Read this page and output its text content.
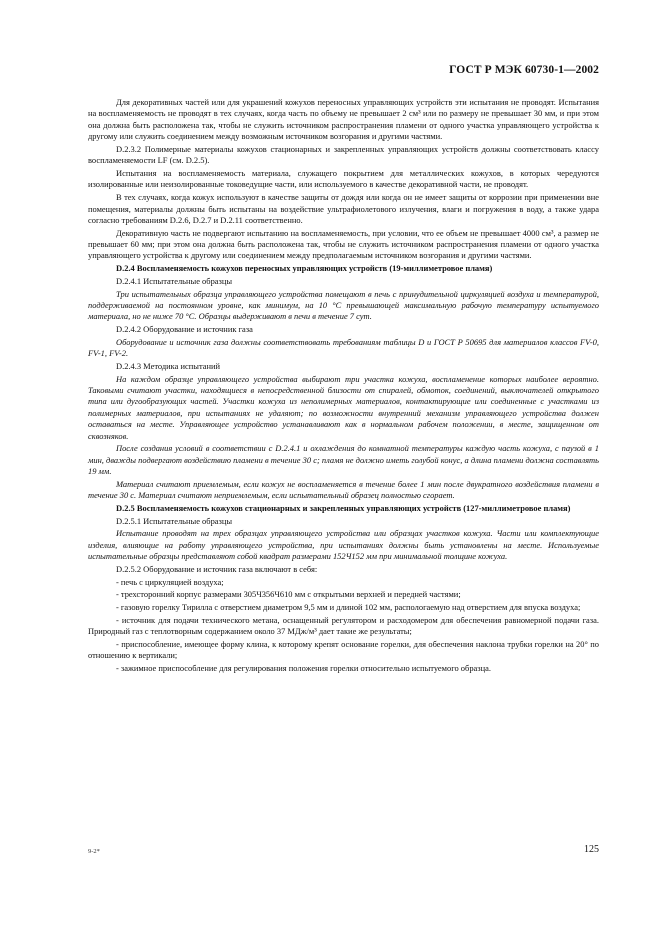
ГОСТ Р МЭК 60730-1—2002

Для декоративных частей или для украшений кожухов переносных управляющих устройств эти испытания не проводят. Испытания на воспламеняемость не проводят в тех случаях, когда часть по объему не превышает 2 см³ или по размеру не превышает 30 мм, и при этом она должна быть расположена так, чтобы не служить источником распространения пламени от одного участка управляющего устройства к другому или служить соединением между возможным источником возгорания и другими частями.

D.2.3.2 Полимерные материалы кожухов стационарных и закрепленных управляющих устройств должны соответствовать классу воспламеняемости LF (см. D.2.5).

Испытания на воспламеняемость материала, служащего покрытием для металлических кожухов, в которых чередуются изолированные или неизолированные токоведущие части, или используемого в качестве декоративной части, не проводят.

В тех случаях, когда кожух используют в качестве защиты от дождя или когда он не имеет защиты от коррозии при применении вне помещения, материалы должны быть испытаны на воздействие ультрафиолетового излучения, влаги и погружения в воду, а также удара согласно требованиям D.2.6, D.2.7 и D.2.11 соответственно.

Декоративную часть не подвергают испытанию на воспламеняемость, при условии, что ее объем не превышает 4000 см³, а размер не превышает 60 мм; при этом она должна быть расположена так, чтобы не служить источником распространения пламени от одного участка управляющего устройства к другому или соединением между предполагаемым источником возгорания и другими частями.

D.2.4 Воспламеняемость кожухов переносных управляющих устройств (19-миллиметровое пламя)

D.2.4.1 Испытательные образцы

Три испытательных образца управляющего устройства помещают в печь с принудительной циркуляцией воздуха и температурой, поддерживаемой на постоянном уровне, как минимум, на 10 °С превышающей максимальную рабочую температуру испытуемого материала, но не ниже 70 °С. Образцы выдерживают в печи в течение 7 сут.

D.2.4.2 Оборудование и источник газа

Оборудование и источник газа должны соответствовать требованиям таблицы D и ГОСТ Р 50695 для материалов классов FV-0, FV-1, FV-2.

D.2.4.3 Методика испытаний

На каждом образце управляющего устройства выбирают три участка кожуха, воспламенение которых наиболее вероятно. Таковыми считают участки, находящиеся в непосредственной близости от спиралей, обмоток, соединений, выключателей открытого типа или дугообразующих частей. Участки кожуха из неполимерных материалов, контактирующие или соединенные с участками из полимерных материалов, при испытаниях не удаляют; по возможности внутренний механизм управляющего устройства должен оставаться на месте. Управляющее устройство устанавливают как в нормальном рабочем положении, в месте, защищенном от сквозняков.

После создания условий в соответствии с D.2.4.1 и охлаждения до комнатной температуры каждую часть кожуха, с паузой в 1 мин, дважды подвергают воздействию пламени в течение 30 с; пламя не должно иметь голубой конус, а длина пламени должна составлять 19 мм.

Материал считают приемлемым, если кожух не воспламеняется в течение более 1 мин после двукратного воздействия пламени в течение 30 с. Материал считают неприемлемым, если испытательный образец полностью сгорает.

D.2.5 Воспламеняемость кожухов стационарных и закрепленных управляющих устройств (127-миллиметровое пламя)

D.2.5.1 Испытательные образцы

Испытание проводят на трех образцах управляющего устройства или образцах участков кожуха. Части или комплектующие изделия, влияющие на работу управляющего устройства, при испытаниях должны быть установлены на месте. Используемые испытательные образцы представляют собой квадрат размерами 152Ч152 мм при минимальной толщине кожуха.

D.2.5.2 Оборудование и источник газа включают в себя:

- печь с циркуляцией воздуха;

- трехсторонний корпус размерами 305Ч356Ч610 мм с открытыми верхней и передней частями;

- газовую горелку Тирилла с отверстием диаметром 9,5 мм и длиной 102 мм, распологаемую над отверстием для впуска воздуха;

- источник для подачи технического метана, оснащенный регулятором и расходомером для обеспечения равномерной подачи газа. Природный газ с теплотворным содержанием около 37 МДж/м³ дает такие же результаты;

- приспособление, имеющее форму клина, к которому крепят основание горелки, для обеспечения наклона трубки горелки на 20° по отношению к вертикали;

- зажимное приспособление для регулирования положения горелки относительно испытуемого образца.

9-2*	125
